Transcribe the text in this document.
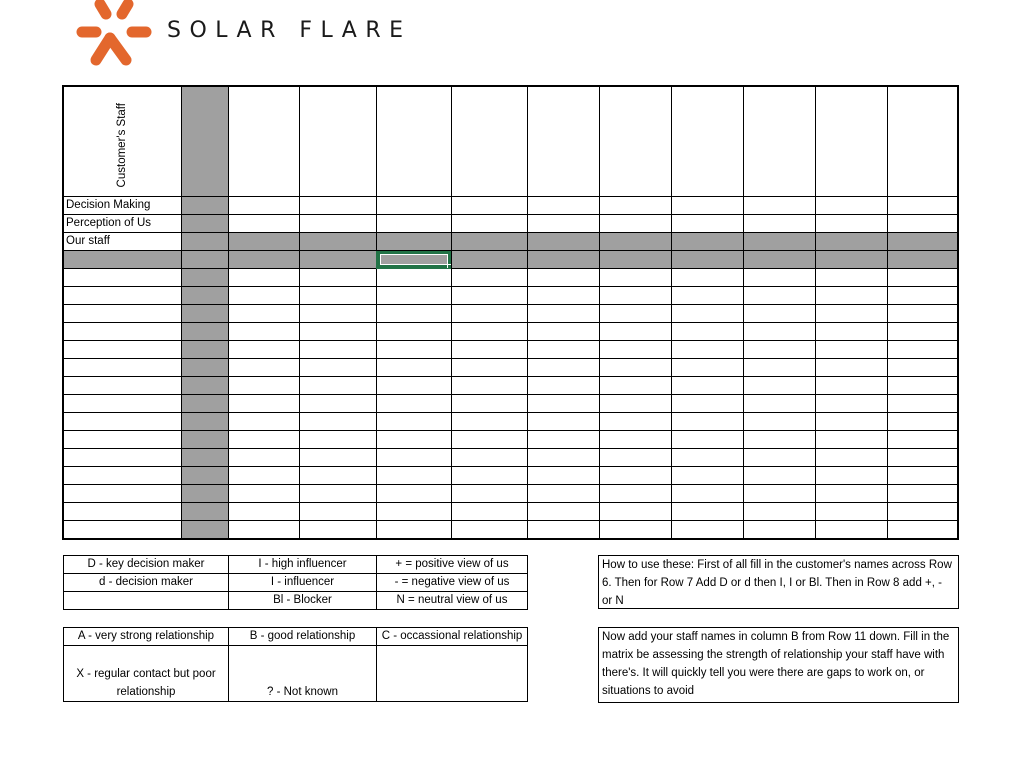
SOLAR FLARE
Customer's Staff											
Decision Making											
Perception of Us											
Our staff											

D - key decision maker	I - high influencer	+ = positive view of us
d - decision maker	I - influencer	- = negative view of us
	Bl - Blocker	N = neutral view of us
A - very strong relationship	B - good relationship	C - occassional relationship
X - regular contact but poor relationship	? - Not known	
How to use these: First of all fill in the customer's names across Row 6. Then for Row 7 Add D or d then I, I or Bl. Then in Row 8 add +, - or N
Now add your staff names in column B from Row 11 down. Fill in the matrix be assessing the strength of relationship your staff have with there's. It will quickly tell you were there are gaps to work on, or situations to avoid
